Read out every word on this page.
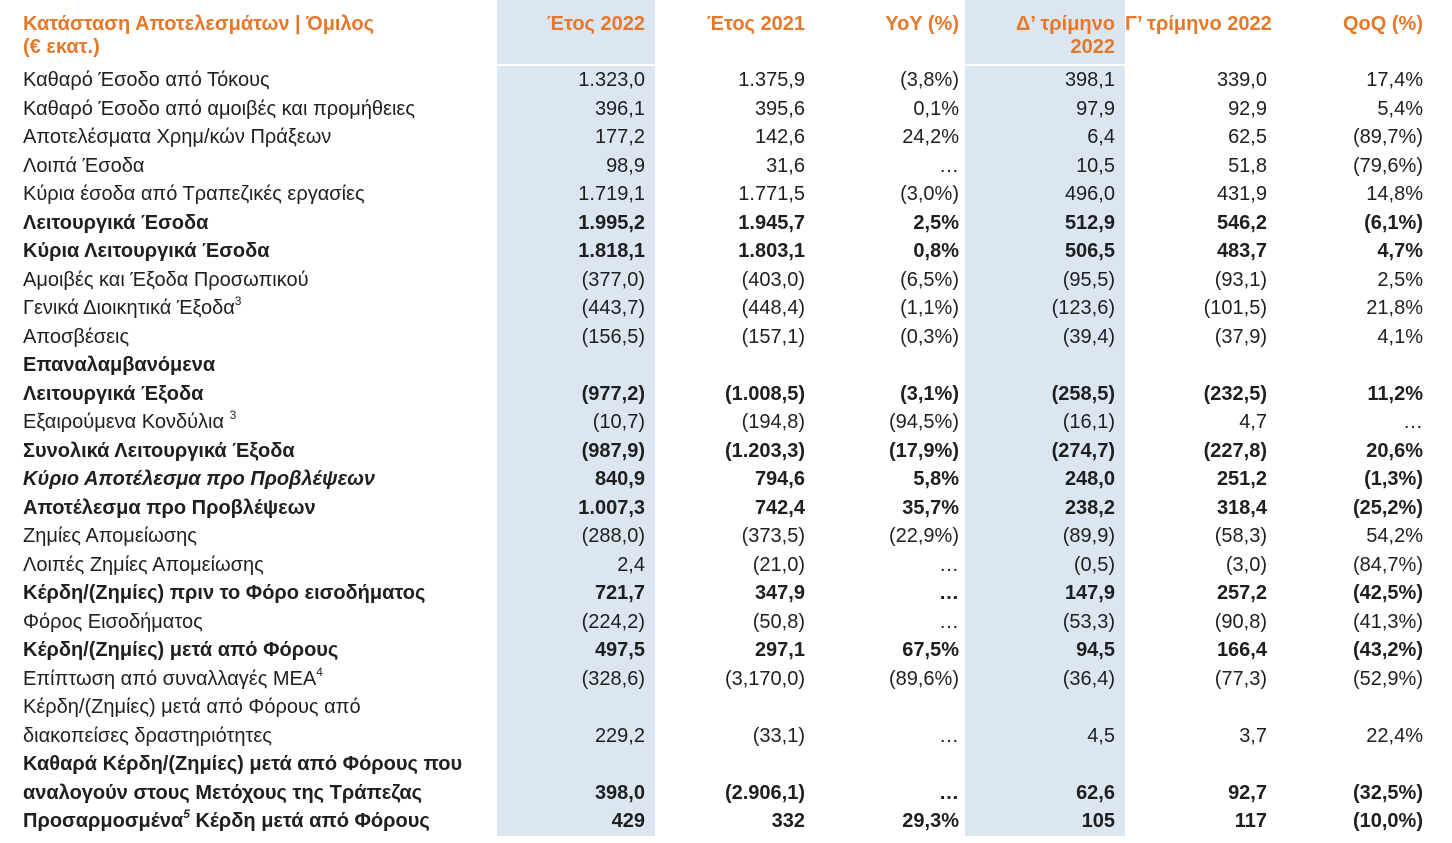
Κατάσταση Αποτελεσμάτων | Όμιλος
(€ εκατ.)	Έτος 2022	Έτος 2021	YoY (%)	Δ’ τρίμηνο
2022	Γ’ τρίμηνο 2022	QoQ (%)
Καθαρό Έσοδο από Τόκους	1.323,0	1.375,9	(3,8%)	398,1	339,0	17,4%
Καθαρό Έσοδο από αμοιβές και προμήθειες	396,1	395,6	0,1%	97,9	92,9	5,4%
Αποτελέσματα Χρημ/κών Πράξεων	177,2	142,6	24,2%	6,4	62,5	(89,7%)
Λοιπά Έσοδα	98,9	31,6	…	10,5	51,8	(79,6%)
Κύρια έσοδα από Τραπεζικές εργασίες	1.719,1	1.771,5	(3,0%)	496,0	431,9	14,8%
Λειτουργικά Έσοδα	1.995,2	1.945,7	2,5%	512,9	546,2	(6,1%)
Κύρια Λειτουργικά Έσοδα	1.818,1	1.803,1	0,8%	506,5	483,7	4,7%
Αμοιβές και Έξοδα Προσωπικού	(377,0)	(403,0)	(6,5%)	(95,5)	(93,1)	2,5%
Γενικά Διοικητικά Έξοδα$^3$	(443,7)	(448,4)	(1,1%)	(123,6)	(101,5)	21,8%
Αποσβέσεις	(156,5)	(157,1)	(0,3%)	(39,4)	(37,9)	4,1%
Επαναλαμβανόμενα
Λειτουργικά Έξοδα	(977,2)	(1.008,5)	(3,1%)	(258,5)	(232,5)	11,2%
Εξαιρούμενα Κονδύλια $^3$	(10,7)	(194,8)	(94,5%)	(16,1)	4,7	…
Συνολικά Λειτουργικά Έξοδα	(987,9)	(1.203,3)	(17,9%)	(274,7)	(227,8)	20,6%
Κύριο Αποτέλεσμα προ Προβλέψεων	840,9	794,6	5,8%	248,0	251,2	(1,3%)
Αποτέλεσμα προ Προβλέψεων	1.007,3	742,4	35,7%	238,2	318,4	(25,2%)
Ζημίες Απομείωσης	(288,0)	(373,5)	(22,9%)	(89,9)	(58,3)	54,2%
Λοιπές Ζημίες Απομείωσης	2,4	(21,0)	…	(0,5)	(3,0)	(84,7%)
Κέρδη/(Ζημίες) πριν το Φόρο εισοδήματος	721,7	347,9	…	147,9	257,2	(42,5%)
Φόρος Εισοδήματος	(224,2)	(50,8)	…	(53,3)	(90,8)	(41,3%)
Κέρδη/(Ζημίες) μετά από Φόρους	497,5	297,1	67,5%	94,5	166,4	(43,2%)
Επίπτωση από συναλλαγές ΜΕΑ$^4$	(328,6)	(3,170,0)	(89,6%)	(36,4)	(77,3)	(52,9%)
Κέρδη/(Ζημίες) μετά από Φόρους από
διακοπείσες δραστηριότητες	229,2	(33,1)	…	4,5	3,7	22,4%
Καθαρά Κέρδη/(Ζημίες) μετά από Φόρους που
αναλογούν στους Μετόχους της Τράπεζας	398,0	(2.906,1)	…	62,6	92,7	(32,5%)
Προσαρμοσμένα$^5$ Κέρδη μετά από Φόρους	429	332	29,3%	105	117	(10,0%)
